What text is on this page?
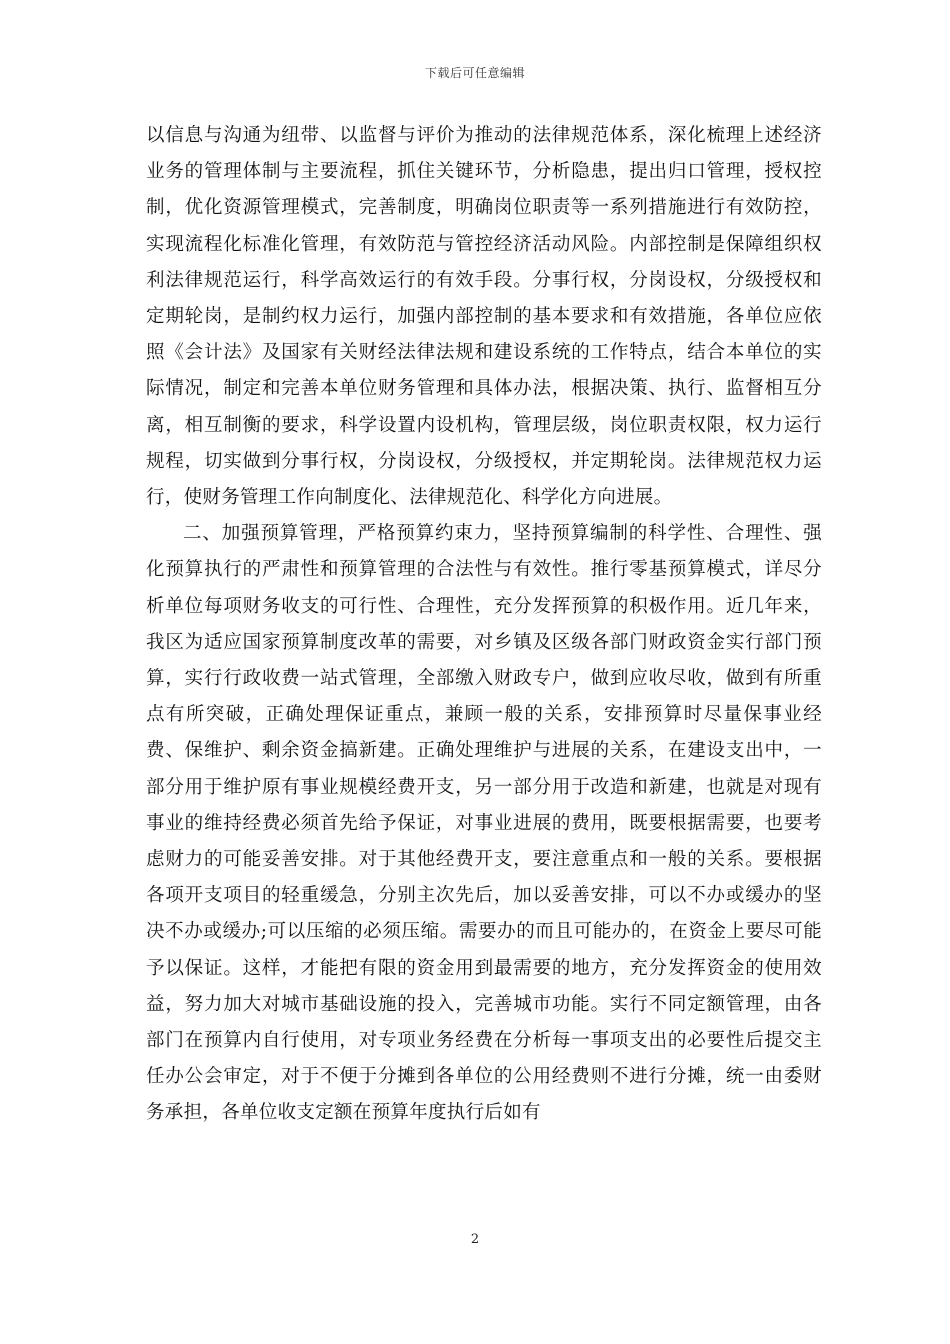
下载后可任意编辑

以信息与沟通为纽带、以监督与评价为推动的法律规范体系，深化梳理上述经济业务的管理体制与主要流程，抓住关键环节，分析隐患，提出归口管理，授权控制，优化资源管理模式，完善制度，明确岗位职责等一系列措施进行有效防控，实现流程化标准化管理，有效防范与管控经济活动风险。内部控制是保障组织权利法律规范运行，科学高效运行的有效手段。分事行权，分岗设权，分级授权和定期轮岗，是制约权力运行，加强内部控制的基本要求和有效措施，各单位应依照《会计法》及国家有关财经法律法规和建设系统的工作特点，结合本单位的实际情况，制定和完善本单位财务管理和具体办法，根据决策、执行、监督相互分离，相互制衡的要求，科学设置内设机构，管理层级，岗位职责权限，权力运行规程，切实做到分事行权，分岗设权，分级授权，并定期轮岗。法律规范权力运行，使财务管理工作向制度化、法律规范化、科学化方向进展。

二、加强预算管理，严格预算约束力，坚持预算编制的科学性、合理性、强化预算执行的严肃性和预算管理的合法性与有效性。推行零基预算模式，详尽分析单位每项财务收支的可行性、合理性，充分发挥预算的积极作用。近几年来，我区为适应国家预算制度改革的需要，对乡镇及区级各部门财政资金实行部门预算，实行行政收费一站式管理，全部缴入财政专户，做到应收尽收，做到有所重点有所突破，正确处理保证重点，兼顾一般的关系，安排预算时尽量保事业经费、保维护、剩余资金搞新建。正确处理维护与进展的关系，在建设支出中，一部分用于维护原有事业规模经费开支，另一部分用于改造和新建，也就是对现有事业的维持经费必须首先给予保证，对事业进展的费用，既要根据需要，也要考虑财力的可能妥善安排。对于其他经费开支，要注意重点和一般的关系。要根据各项开支项目的轻重缓急，分别主次先后，加以妥善安排，可以不办或缓办的坚决不办或缓办;可以压缩的必须压缩。需要办的而且可能办的，在资金上要尽可能予以保证。这样，才能把有限的资金用到最需要的地方，充分发挥资金的使用效益，努力加大对城市基础设施的投入，完善城市功能。实行不同定额管理，由各部门在预算内自行使用，对专项业务经费在分析每一事项支出的必要性后提交主任办公会审定，对于不便于分摊到各单位的公用经费则不进行分摊，统一由委财务承担，各单位收支定额在预算年度执行后如有

2
